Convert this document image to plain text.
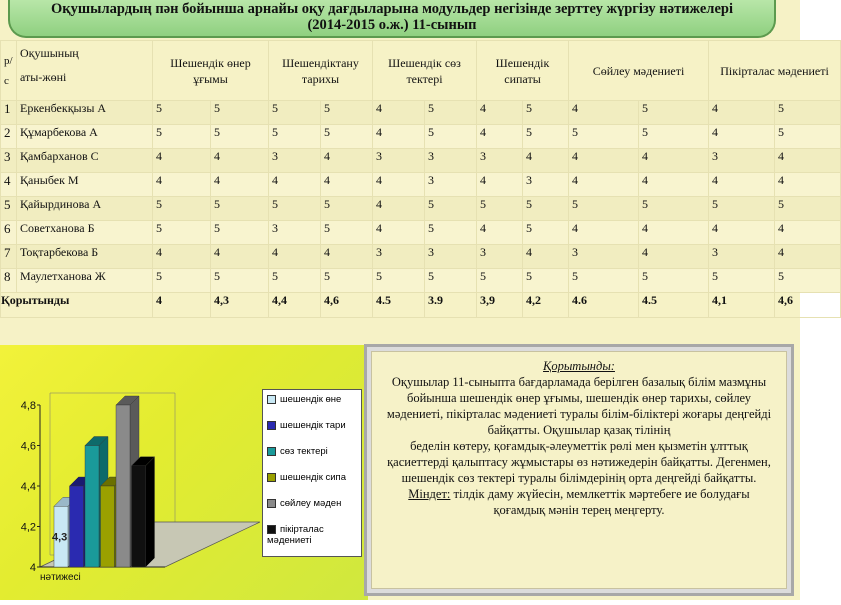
Оқушылардың пән бойынша арнайы оқу дағдыларына модульдер негізінде зерттеу жүргізу нәтижелері (2014-2015 о.ж.) 11-сынып
р/с	Оқушының
аты-жөні	Шешендік өнер ұғымы		Шешендіктану тарихы		Шешендік сөз тектері		Шешендік сипаты		Сөйлеу мәдениеті		Пікірталас мәдениеті	
1	Еркенбекқызы А	5	5	5	5	4	5	4	5	4	5	4	5
2	Құмарбекова А	5	5	5	5	4	5	4	5	5	5	4	5
3	Қамбарханов С	4	4	3	4	3	3	3	4	4	4	3	4
4	Қаныбек М	4	4	4	4	4	3	4	3	4	4	4	4
5	Қайырдинова А	5	5	5	5	4	5	5	5	5	5	5	5
6	Советханова Б	5	5	3	5	4	5	4	5	4	4	4	4
7	Тоқтарбекова Б	4	4	4	4	3	3	3	4	3	4	3	4
8	Маулетханова Ж	5	5	5	5	5	5	5	5	5	5	5	5
Қорытынды		4	4,3	4,4	4,6	4.5	3.9	3,9	4,2	4.6	4.5	4,1	4,6
4
4,2
4,4
4,6
4,8
4,3
нәтижесі
шешендік өне
шешендік тари
сөз тектері
шешендік сипа
сөйлеу мәден
пікірталас мәдениеті

Қорытынды:

Оқушылар 11-сыныпта бағдарламада берілген базалық білім мазмұны бойынша шешендік өнер ұғымы, шешендік өнер тарихы, сөйлеу мәдениеті, пікірталас мәдениеті туралы білім-біліктері жоғары деңгейді байқатты. Оқушылар қазақ тілінің

беделін көтеру, қоғамдық-әлеуметтік рөлі мен қызметін ұлттық қасиеттерді қалыптасу жұмыстары өз нәтижедерін байқатты. Дегенмен, шешендік сөз тектері туралы білімдерінің орта деңгейді байқатты.

Міндет: тілдік даму жүйесін, мемлкеттік мәртебеге ие болудағы

қоғамдық мәнін терең меңгерту.
